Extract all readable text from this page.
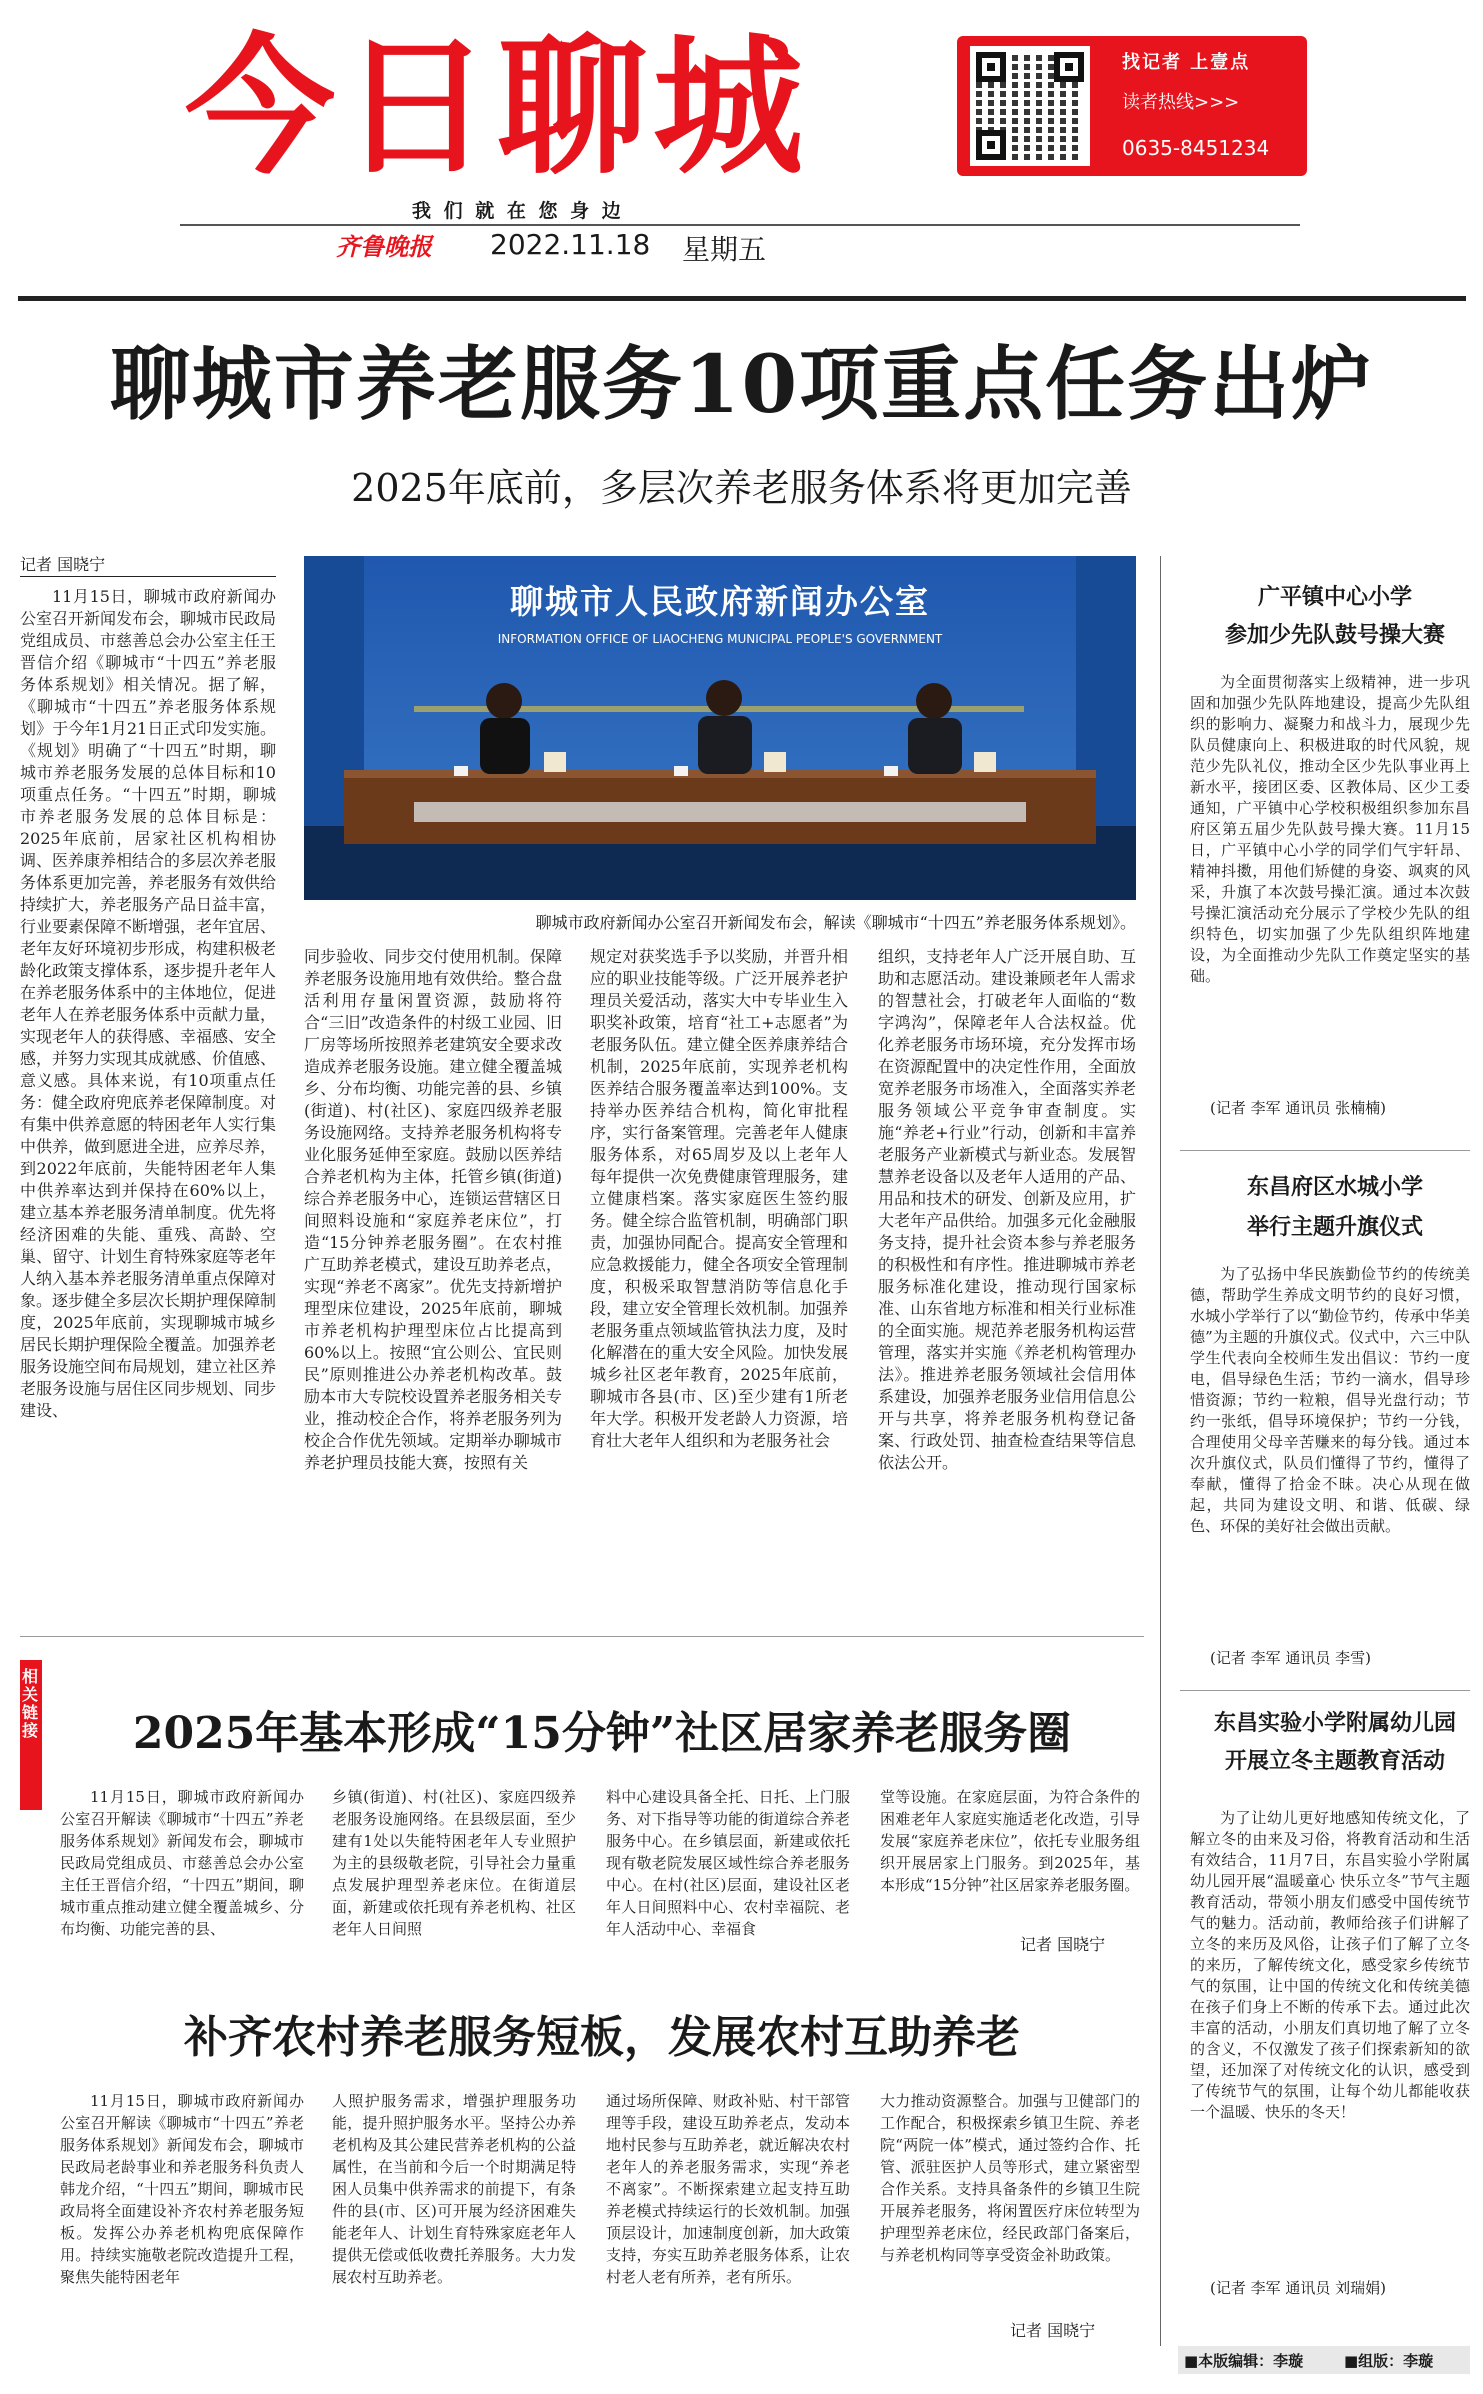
今日聊城	找记者 上壹点
读者热线>>>
0635-8451234
我 们 就 在 您 身 边
齐鲁晚报 2022.11.18 星期五
聊城市养老服务10项重点任务出炉
2025年底前，多层次养老服务体系将更加完善
记者 国晓宁
11月15日，聊城市政府新闻办公室召开新闻发布会，聊城市民政局党组成员、市慈善总会办公室主任王晋信介绍《聊城市“十四五”养老服务体系规划》相关情况。据了解，《聊城市“十四五”养老服务体系规划》于今年1月21日正式印发实施。《规划》明确了“十四五”时期，聊城市养老服务发展的总体目标和10项重点任务。“十四五”时期，聊城市养老服务发展的总体目标是：2025年底前，居家社区机构相协调、医养康养相结合的多层次养老服务体系更加完善，养老服务有效供给持续扩大，养老服务产品日益丰富，行业要素保障不断增强，老年宜居、老年友好环境初步形成，构建积极老龄化政策支撑体系，逐步提升老年人在养老服务体系中的主体地位，促进老年人在养老服务体系中贡献力量，实现老年人的获得感、幸福感、安全感，并努力实现其成就感、价值感、意义感。具体来说，有10项重点任务：健全政府兜底养老保障制度。对有集中供养意愿的特困老年人实行集中供养，做到愿进全进，应养尽养，到2022年底前，失能特困老年人集中供养率达到并保持在60%以上，建立基本养老服务清单制度。优先将经济困难的失能、重残、高龄、空巢、留守、计划生育特殊家庭等老年人纳入基本养老服务清单重点保障对象。逐步健全多层次长期护理保障制度，2025年底前，实现聊城市城乡居民长期护理保险全覆盖。加强养老服务设施空间布局规划，建立社区养老服务设施与居住区同步规划、同步建设、
聊城市人民政府新闻办公室
INFORMATION OFFICE OF LIAOCHENG MUNICIPAL PEOPLE'S GOVERNMENT
聊城市政府新闻办公室召开新闻发布会，解读《聊城市“十四五”养老服务体系规划》。
同步验收、同步交付使用机制。保障养老服务设施用地有效供给。整合盘活利用存量闲置资源，鼓励将符合“三旧”改造条件的村级工业园、旧厂房等场所按照养老建筑安全要求改造成养老服务设施。建立健全覆盖城乡、分布均衡、功能完善的县、乡镇(街道)、村(社区)、家庭四级养老服务设施网络。支持养老服务机构将专业化服务延伸至家庭。鼓励以医养结合养老机构为主体，托管乡镇(街道)综合养老服务中心，连锁运营辖区日间照料设施和“家庭养老床位”，打造“15分钟养老服务圈”。在农村推广互助养老模式，建设互助养老点，实现“养老不离家”。优先支持新增护理型床位建设，2025年底前，聊城市养老机构护理型床位占比提高到60%以上。按照“宜公则公、宜民则民”原则推进公办养老机构改革。鼓励本市大专院校设置养老服务相关专业，推动校企合作，将养老服务列为校企合作优先领域。定期举办聊城市养老护理员技能大赛，按照有关
规定对获奖选手予以奖励，并晋升相应的职业技能等级。广泛开展养老护理员关爱活动，落实大中专毕业生入职奖补政策，培育“社工+志愿者”为老服务队伍。建立健全医养康养结合机制，2025年底前，实现养老机构医养结合服务覆盖率达到100%。支持举办医养结合机构，简化审批程序，实行备案管理。完善老年人健康服务体系，对65周岁及以上老年人每年提供一次免费健康管理服务，建立健康档案。落实家庭医生签约服务。健全综合监管机制，明确部门职责，加强协同配合。提高安全管理和应急救援能力，健全各项安全管理制度，积极采取智慧消防等信息化手段，建立安全管理长效机制。加强养老服务重点领域监管执法力度，及时化解潜在的重大安全风险。加快发展城乡社区老年教育，2025年底前，聊城市各县(市、区)至少建有1所老年大学。积极开发老龄人力资源，培育壮大老年人组织和为老服务社会
组织，支持老年人广泛开展自助、互助和志愿活动。建设兼顾老年人需求的智慧社会，打破老年人面临的“数字鸿沟”，保障老年人合法权益。优化养老服务市场环境，充分发挥市场在资源配置中的决定性作用，全面放宽养老服务市场准入，全面落实养老服务领域公平竞争审查制度。实施“养老+行业”行动，创新和丰富养老服务产业新模式与新业态。发展智慧养老设备以及老年人适用的产品、用品和技术的研发、创新及应用，扩大老年产品供给。加强多元化金融服务支持，提升社会资本参与养老服务的积极性和有序性。推进聊城市养老服务标准化建设，推动现行国家标准、山东省地方标准和相关行业标准的全面实施。规范养老服务机构运营管理，落实并实施《养老机构管理办法》。推进养老服务领域社会信用体系建设，加强养老服务业信用信息公开与共享，将养老服务机构登记备案、行政处罚、抽查检查结果等信息依法公开。
相关链接	2025年基本形成“15分钟”社区居家养老服务圈
11月15日，聊城市政府新闻办公室召开解读《聊城市“十四五”养老服务体系规划》新闻发布会，聊城市民政局党组成员、市慈善总会办公室主任王晋信介绍，“十四五”期间，聊城市重点推动建立健全覆盖城乡、分布均衡、功能完善的县、
乡镇(街道)、村(社区)、家庭四级养老服务设施网络。在县级层面，至少建有1处以失能特困老年人专业照护为主的县级敬老院，引导社会力量重点发展护理型养老床位。在街道层面，新建或依托现有养老机构、社区老年人日间照
料中心建设具备全托、日托、上门服务、对下指导等功能的街道综合养老服务中心。在乡镇层面，新建或依托现有敬老院发展区域性综合养老服务中心。在村(社区)层面，建设社区老年人日间照料中心、农村幸福院、老年人活动中心、幸福食
堂等设施。在家庭层面，为符合条件的困难老年人家庭实施适老化改造，引导发展“家庭养老床位”，依托专业服务组织开展居家上门服务。到2025年，基本形成“15分钟”社区居家养老服务圈。
记者 国晓宁
补齐农村养老服务短板，发展农村互助养老
11月15日，聊城市政府新闻办公室召开解读《聊城市“十四五”养老服务体系规划》新闻发布会，聊城市民政局老龄事业和养老服务科负责人韩龙介绍，“十四五”期间，聊城市民政局将全面建设补齐农村养老服务短板。发挥公办养老机构兜底保障作用。持续实施敬老院改造提升工程，聚焦失能特困老年
人照护服务需求，增强护理服务功能，提升照护服务水平。坚持公办养老机构及其公建民营养老机构的公益属性，在当前和今后一个时期满足特困人员集中供养需求的前提下，有条件的县(市、区)可开展为经济困难失能老年人、计划生育特殊家庭老年人提供无偿或低收费托养服务。大力发展农村互助养老。
通过场所保障、财政补贴、村干部管理等手段，建设互助养老点，发动本地村民参与互助养老，就近解决农村老年人的养老服务需求，实现“养老不离家”。不断探索建立起支持互助养老模式持续运行的长效机制。加强顶层设计，加速制度创新，加大政策支持，夯实互助养老服务体系，让农村老人老有所养，老有所乐。
大力推动资源整合。加强与卫健部门的工作配合，积极探索乡镇卫生院、养老院“两院一体”模式，通过签约合作、托管、派驻医护人员等形式，建立紧密型合作关系。支持具备条件的乡镇卫生院开展养老服务，将闲置医疗床位转型为护理型养老床位，经民政部门备案后，与养老机构同等享受资金补助政策。
记者 国晓宁
广平镇中心小学
参加少先队鼓号操大赛
为全面贯彻落实上级精神，进一步巩固和加强少先队阵地建设，提高少先队组织的影响力、凝聚力和战斗力，展现少先队员健康向上、积极进取的时代风貌，规范少先队礼仪，推动全区少先队事业再上新水平，接团区委、区教体局、区少工委通知，广平镇中心学校积极组织参加东昌府区第五届少先队鼓号操大赛。11月15日，广平镇中心小学的同学们气宇轩昂、精神抖擞，用他们矫健的身姿、飒爽的风采，升旗了本次鼓号操汇演。通过本次鼓号操汇演活动充分展示了学校少先队的组织特色，切实加强了少先队组织阵地建设，为全面推动少先队工作奠定坚实的基础。
(记者 李军 通讯员 张楠楠)
东昌府区水城小学
举行主题升旗仪式
为了弘扬中华民族勤俭节约的传统美德，帮助学生养成文明节约的良好习惯，水城小学举行了以“勤俭节约，传承中华美德”为主题的升旗仪式。仪式中，六三中队学生代表向全校师生发出倡议：节约一度电，倡导绿色生活；节约一滴水，倡导珍惜资源；节约一粒粮，倡导光盘行动；节约一张纸，倡导环境保护；节约一分钱，合理使用父母辛苦赚来的每分钱。通过本次升旗仪式，队员们懂得了节约，懂得了奉献，懂得了拾金不昧。决心从现在做起，共同为建设文明、和谐、低碳、绿色、环保的美好社会做出贡献。
(记者 李军 通讯员 李雪)
东昌实验小学附属幼儿园
开展立冬主题教育活动
为了让幼儿更好地感知传统文化，了解立冬的由来及习俗，将教育活动和生活有效结合，11月7日，东昌实验小学附属幼儿园开展“温暖童心 快乐立冬”节气主题教育活动，带领小朋友们感受中国传统节气的魅力。活动前，教师给孩子们讲解了立冬的来历及风俗，让孩子们了解了立冬的来历，了解传统文化，感受家乡传统节气的氛围，让中国的传统文化和传统美德在孩子们身上不断的传承下去。通过此次丰富的活动，小朋友们真切地了解了立冬的含义，不仅激发了孩子们探索新知的欲望，还加深了对传统文化的认识，感受到了传统节气的氛围，让每个幼儿都能收获一个温暖、快乐的冬天！
(记者 李军 通讯员 刘瑞娟)
■本版编辑：李璇	■组版：李璇
